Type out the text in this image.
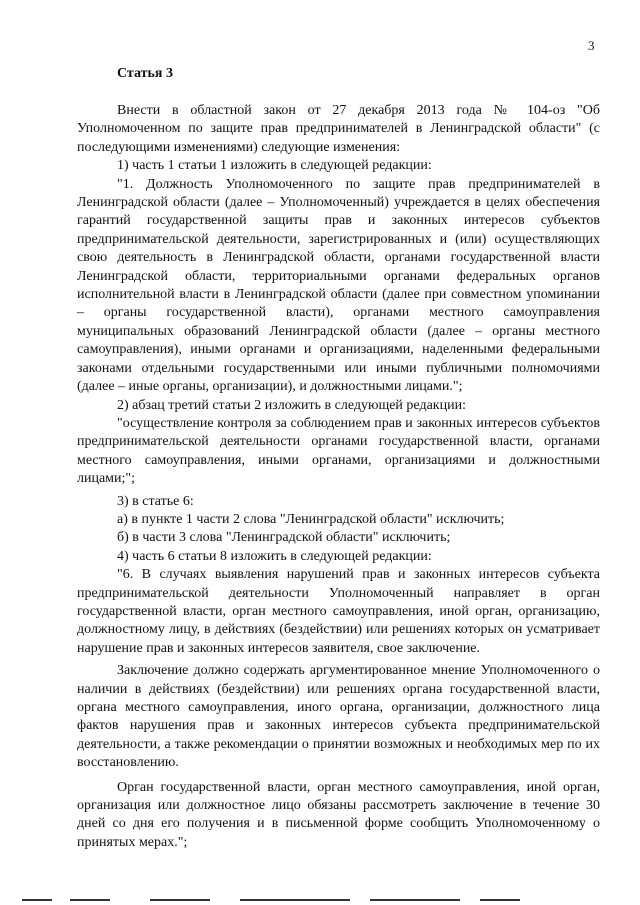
3
Статья 3

Внести в областной закон от 27 декабря 2013 года № 104-оз "Об Уполномоченном по защите прав предпринимателей в Ленинградской области" (с последующими изменениями) следующие изменения:

1) часть 1 статьи 1 изложить в следующей редакции:

"1. Должность Уполномоченного по защите прав предпринимателей в Ленинградской области (далее – Уполномоченный) учреждается в целях обеспечения гарантий государственной защиты прав и законных интересов субъектов предпринимательской деятельности, зарегистрированных и (или) осуществляющих свою деятельность в Ленинградской области, органами государственной власти Ленинградской области, территориальными органами федеральных органов исполнительной власти в Ленинградской области (далее при совместном упоминании – органы государственной власти), органами местного самоуправления муниципальных образований Ленинградской области (далее – органы местного самоуправления), иными органами и организациями, наделенными федеральными законами отдельными государственными или иными публичными полномочиями (далее – иные органы, организации), и должностными лицами.";

2) абзац третий статьи 2 изложить в следующей редакции:

"осуществление контроля за соблюдением прав и законных интересов субъектов предпринимательской деятельности органами государственной власти, органами местного самоуправления, иными органами, организациями и должностными лицами;";

3) в статье 6:

а) в пункте 1 части 2 слова "Ленинградской области" исключить;

б) в части 3 слова "Ленинградской области" исключить;

4) часть 6 статьи 8 изложить в следующей редакции:

"6. В случаях выявления нарушений прав и законных интересов субъекта предпринимательской деятельности Уполномоченный направляет в орган государственной власти, орган местного самоуправления, иной орган, организацию, должностному лицу, в действиях (бездействии) или решениях которых он усматривает нарушение прав и законных интересов заявителя, свое заключение.

Заключение должно содержать аргументированное мнение Уполномоченного о наличии в действиях (бездействии) или решениях органа государственной власти, органа местного самоуправления, иного органа, организации, должностного лица фактов нарушения прав и законных интересов субъекта предпринимательской деятельности, а также рекомендации о принятии возможных и необходимых мер по их восстановлению.

Орган государственной власти, орган местного самоуправления, иной орган, организация или должностное лицо обязаны рассмотреть заключение в течение 30 дней со дня его получения и в письменной форме сообщить Уполномоченному о принятых мерах.";
